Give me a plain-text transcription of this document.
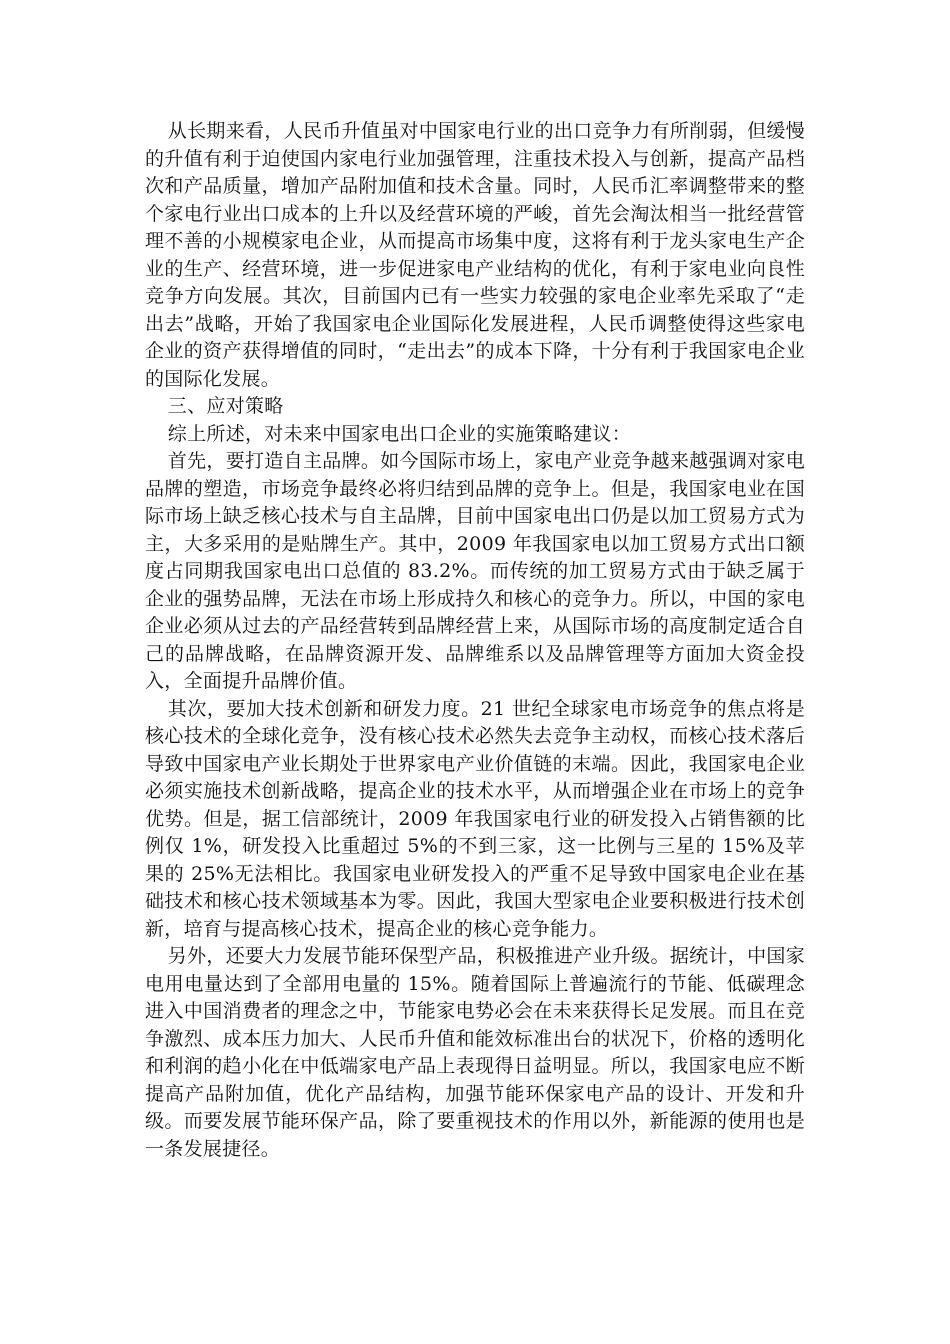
从长期来看，人民币升值虽对中国家电行业的出口竞争力有所削弱，但缓慢的升值有利于迫使国内家电行业加强管理，注重技术投入与创新，提高产品档次和产品质量，增加产品附加值和技术含量。同时，人民币汇率调整带来的整个家电行业出口成本的上升以及经营环境的严峻，首先会淘汰相当一批经营管理不善的小规模家电企业，从而提高市场集中度，这将有利于龙头家电生产企业的生产、经营环境，进一步促进家电产业结构的优化，有利于家电业向良性竞争方向发展。其次，目前国内已有一些实力较强的家电企业率先采取了“走出去”战略，开始了我国家电企业国际化发展进程，人民币调整使得这些家电企业的资产获得增值的同时，“走出去”的成本下降，十分有利于我国家电企业的国际化发展。

三、应对策略

综上所述，对未来中国家电出口企业的实施策略建议：

首先，要打造自主品牌。如今国际市场上，家电产业竞争越来越强调对家电品牌的塑造，市场竞争最终必将归结到品牌的竞争上。但是，我国家电业在国际市场上缺乏核心技术与自主品牌，目前中国家电出口仍是以加工贸易方式为主，大多采用的是贴牌生产。其中，2009 年我国家电以加工贸易方式出口额度占同期我国家电出口总值的 83.2%。而传统的加工贸易方式由于缺乏属于企业的强势品牌，无法在市场上形成持久和核心的竞争力。所以，中国的家电企业必须从过去的产品经营转到品牌经营上来，从国际市场的高度制定适合自己的品牌战略，在品牌资源开发、品牌维系以及品牌管理等方面加大资金投入，全面提升品牌价值。

其次，要加大技术创新和研发力度。21 世纪全球家电市场竞争的焦点将是核心技术的全球化竞争，没有核心技术必然失去竞争主动权，而核心技术落后导致中国家电产业长期处于世界家电产业价值链的末端。因此，我国家电企业必须实施技术创新战略，提高企业的技术水平，从而增强企业在市场上的竞争优势。但是，据工信部统计，2009 年我国家电行业的研发投入占销售额的比例仅 1%，研发投入比重超过 5%的不到三家，这一比例与三星的 15%及苹果的 25%无法相比。我国家电业研发投入的严重不足导致中国家电企业在基础技术和核心技术领域基本为零。因此，我国大型家电企业要积极进行技术创新，培育与提高核心技术，提高企业的核心竞争能力。

另外，还要大力发展节能环保型产品，积极推进产业升级。据统计，中国家电用电量达到了全部用电量的 15%。随着国际上普遍流行的节能、低碳理念进入中国消费者的理念之中，节能家电势必会在未来获得长足发展。而且在竞争激烈、成本压力加大、人民币升值和能效标准出台的状况下，价格的透明化和利润的趋小化在中低端家电产品上表现得日益明显。所以，我国家电应不断提高产品附加值，优化产品结构，加强节能环保家电产品的设计、开发和升级。而要发展节能环保产品，除了要重视技术的作用以外，新能源的使用也是一条发展捷径。
